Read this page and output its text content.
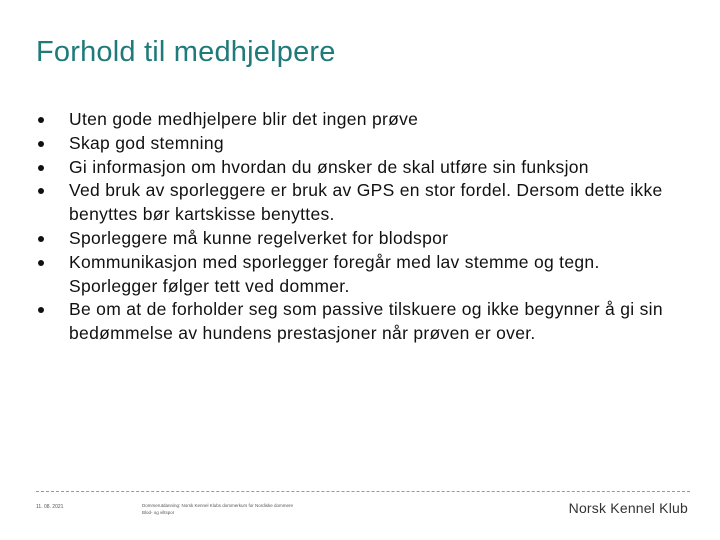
Forhold til medhjelpere
Uten gode medhjelpere blir det ingen prøve
Skap god stemning
Gi informasjon om hvordan du ønsker de skal utføre sin funksjon
Ved bruk av sporleggere er bruk av GPS en stor fordel. Dersom dette ikke benyttes bør kartskisse benyttes.
Sporleggere må kunne regelverket for blodspor
Kommunikasjon med sporlegger foregår med lav stemme og tegn. Sporlegger følger tett ved dommer.
Be om at de forholder seg som passive tilskuere og ikke begynner å gi sin bedømmelse av hundens prestasjoner når prøven er over.
11. 08. 2021	Dommerutdanning: Norsk Kennel Klubs dommerkurs for Nordiske dommere
Blod- og viltspor	Norsk Kennel Klub
